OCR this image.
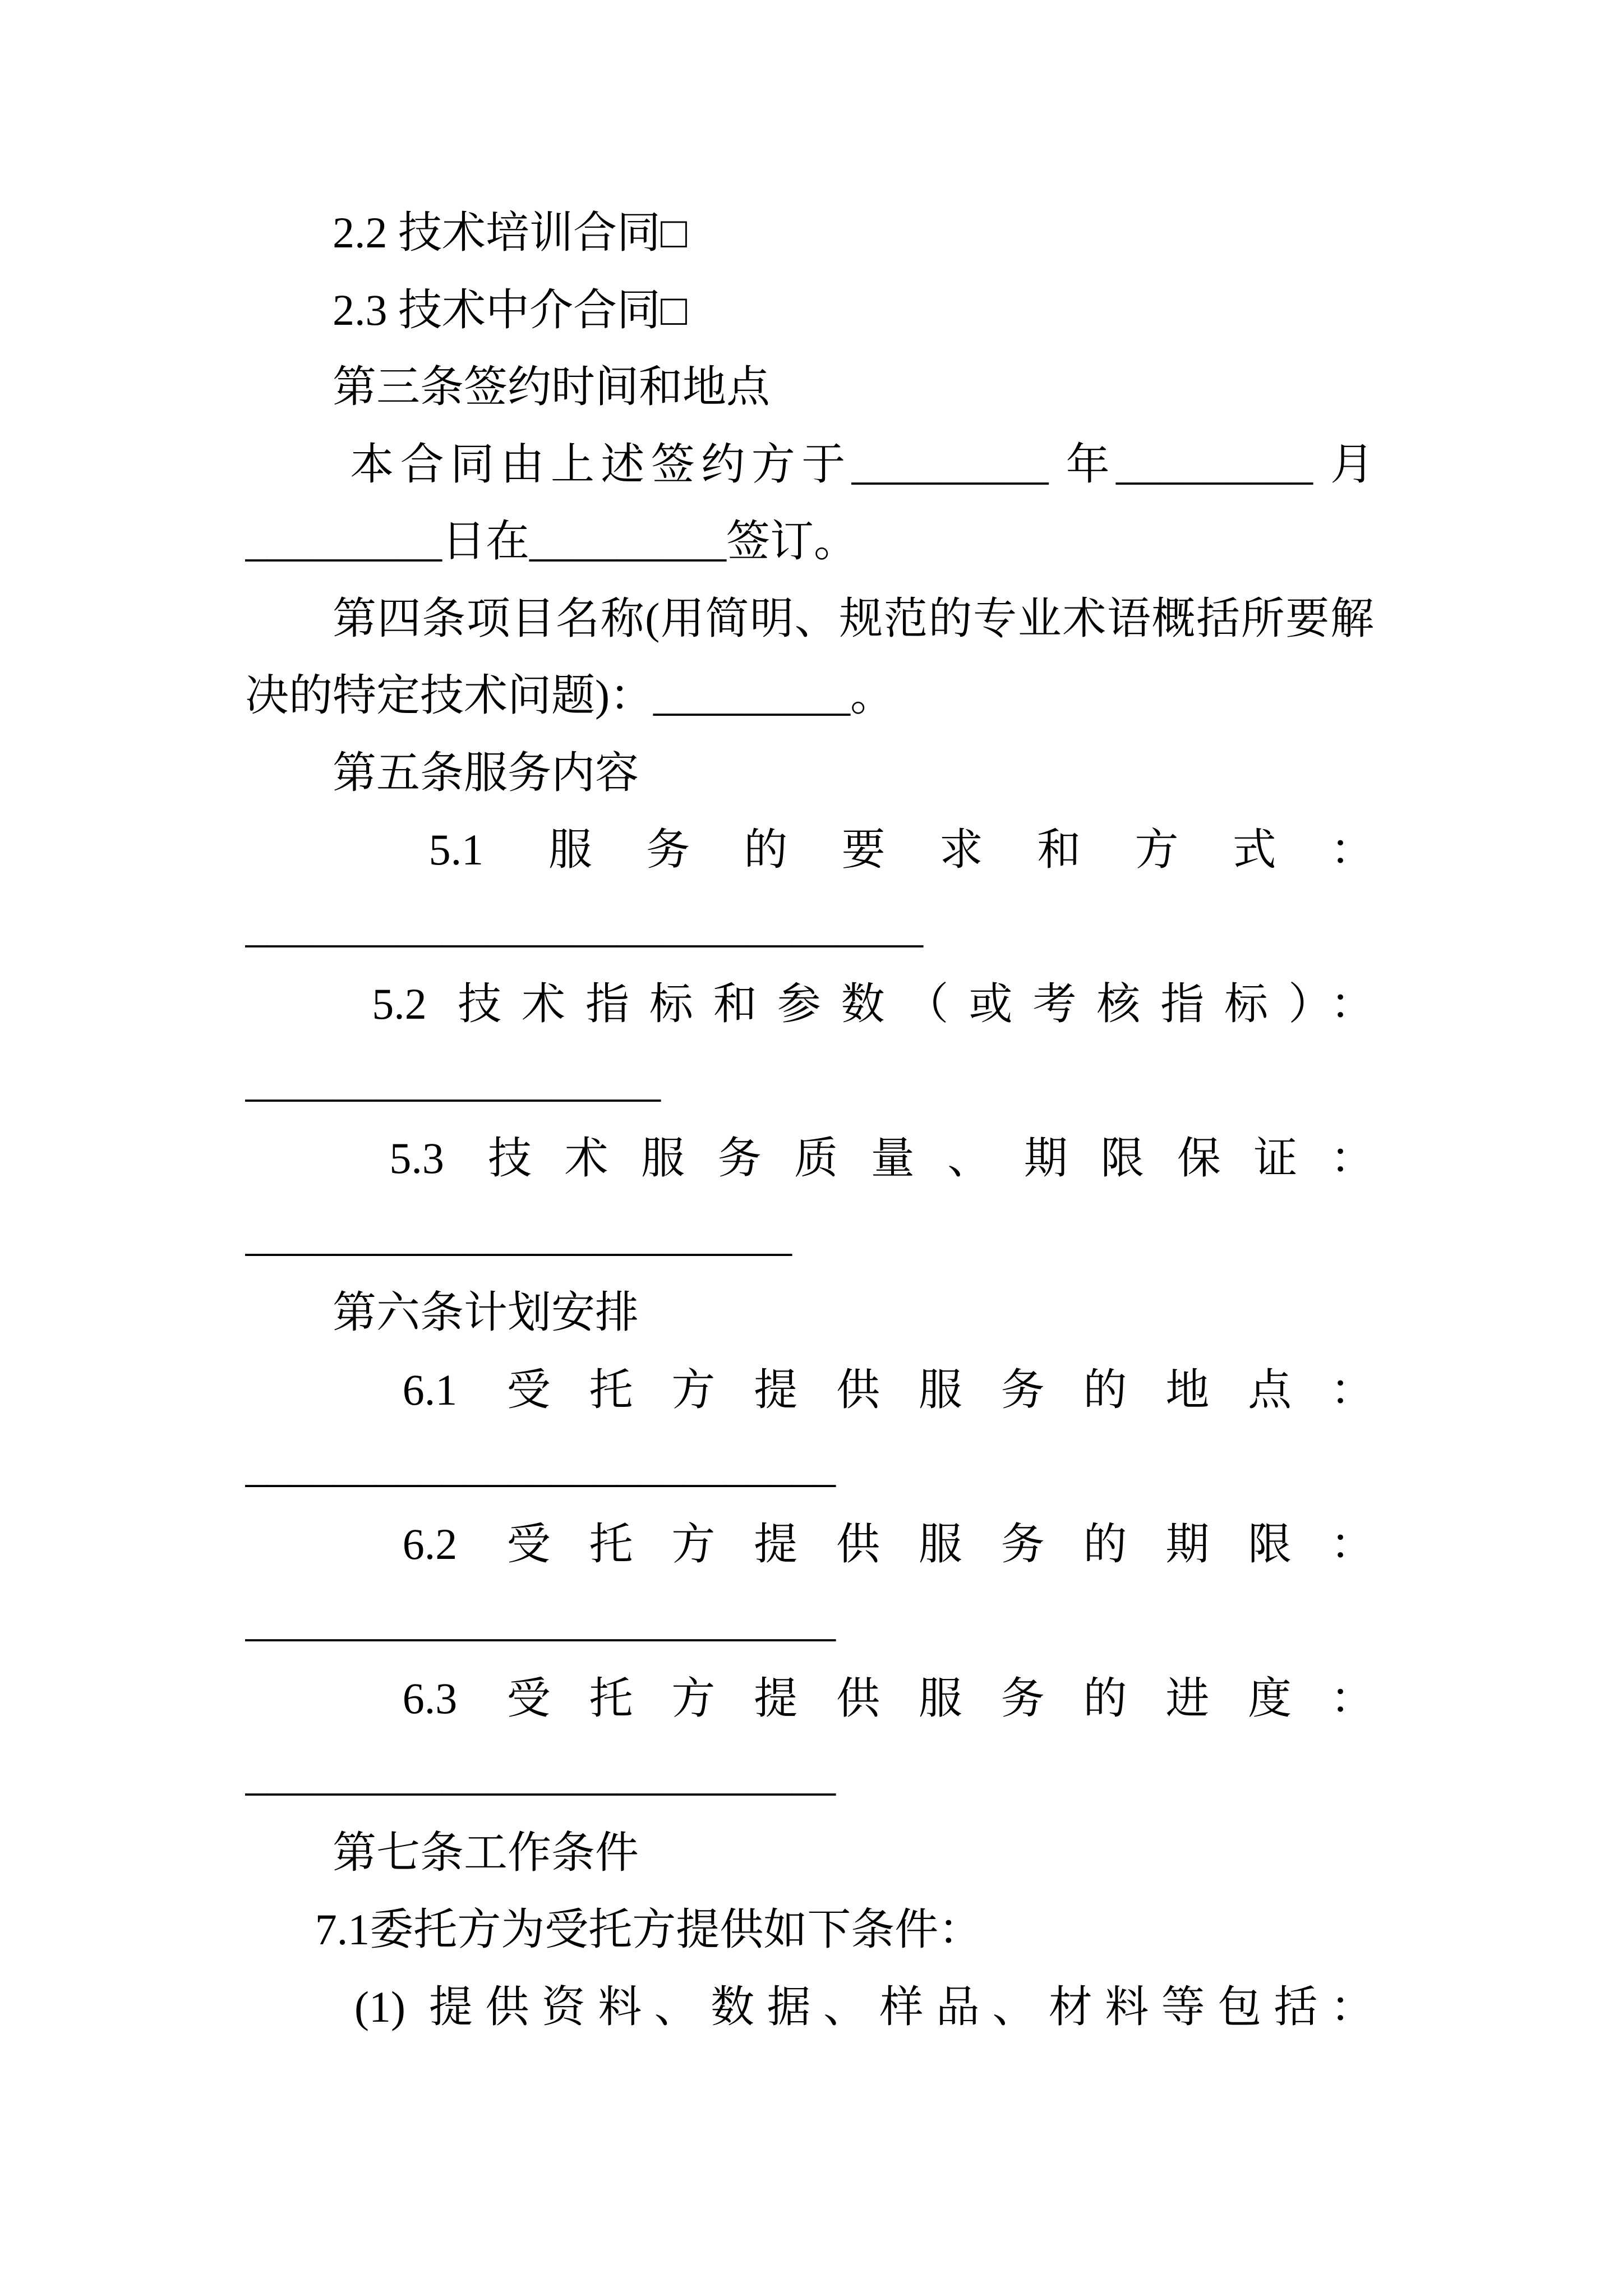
2.2 技术培训合同□

2.3 技术中介合同□

第三条签约时间和地点

本合同由上述签约方于_________ 年_________ 月

_________日在_________签订。

第四条项目名称(用简明、规范的专业术语概括所要解

决的特定技术问题)：_________。

第五条服务内容

5.1 服务的要求和方式：

_______________________________

5.2 技术指标和参数（或考核指标）：

___________________

5.3 技术服务质量、期限保证：

_________________________

第六条计划安排

6.1 受托方提供服务的地点：

___________________________

6.2 受托方提供服务的期限：

___________________________

6.3 受托方提供服务的进度：

___________________________

第七条工作条件

7.1委托方为受托方提供如下条件：

(1) 提供资料、数据、样品、材料等包括：
